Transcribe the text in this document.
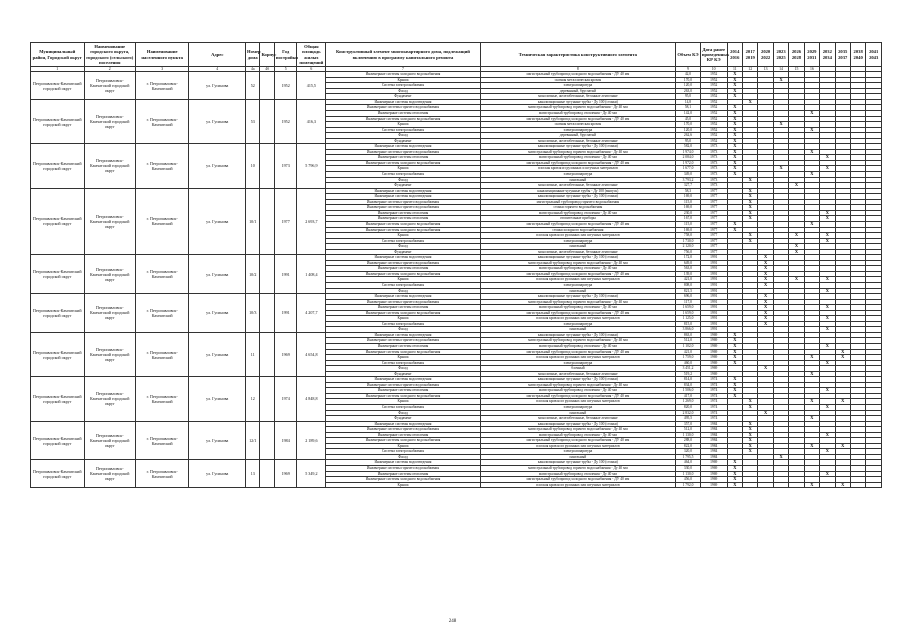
Муниципальный район, Городской округ	Наименование городского округа, городского (сельского) поселения	Наименование населенного пункта	Адрес	Номер дома	Корпус	Год постройки	Общая площадь жилых помещений	Конструктивный элемент многоквартирного дома, подлежащий включению в программу капитального ремонта	Техническая характеристика конструктивного элемента	Объем КЭ	Дата ранее проведенных КР КЭ	2014 2016	2017 2019	2020 2022	2023 2025	2026 2028	2029 2031	2032 2034	2035 2037	2038 2040	2041 2043
1	2	3	4	4а	4б	5	6	7	8	9	10	11	12	13	14	15	16				
Петропавловск-Камчатский городской округ	Петропавловск-Камчатский городской округ	г. Петропавловск-Камчатский	ул. Гусинова	52		1952	415,5	Инженерные системы холодного водоснабжения	магистральный трубопровод холодного водоснабжения - ДУ 40 мм	42,0	1952	X									
								Крыша	скатная металлическая кровля	170,0	1952	X			X						
								Система электроснабжения	электроаппаратура	120,0	1952	X									
								Фасад	деревянный, брусчатый	263,0	1952	X									
								Фундамент	монолитные, железобетонные, бетонные ленточные	95,0	1952	X									
Петропавловск-Камчатский городской округ	Петропавловск-Камчатский городской округ	г. Петропавловск-Камчатский	ул. Гусинова	53		1952	416,3	Инженерные системы водоотведения	канализационные чугунные трубы - Ду 100 (стояки)	14,8	1952		X								
								Инженерные системы горячего водоснабжения	магистральный трубопровод горячего водоснабжения - Ду 40 мм	58,1	1952	X									
								Инженерные системы отопления	магистральный трубопровод отопления - Ду 40 мм	142,0	1952	X					X				
								Инженерные системы холодного водоснабжения	магистральный трубопровод холодного водоснабжения - ДУ 40 мм	45,0	1952	X									
								Крыша	скатная металлическая кровля	170,0	1952	X			X						
								Система электроснабжения	электроаппаратура	120,0	1952	X					X				
								Фасад	деревянный, брусчатый	262,6	1952	X									
								Фундамент	монолитные, железобетонные, бетонные ленточные	95,0	1952	X									
Петропавловск-Камчатский городской округ	Петропавловск-Камчатский городской округ	г. Петропавловск-Камчатский	ул. Гусинова	10		1973	5 796,9	Инженерные системы водоотведения	канализационные чугунные трубы - Ду 100 (стояки)	582,0	1973	X									
								Инженерные системы горячего водоснабжения	магистральный трубопровод горячего водоснабжения - Ду 40 мм	1 974,0	1973	X					X				
								Инженерные системы отопления	магистральный трубопровод отопления - Ду 40 мм	2 084,0	1973	X						X			
								Инженерные системы холодного водоснабжения	магистральный трубопровод холодного водоснабжения - ДУ 40 мм	1 972,0	1973	X									
								Крыша	плоская кровля из рулонных и штучных материалов	1 677,0	1973	X			X			X			
								Система электроснабжения	электроаппаратура	349,0	1973	X					X				
								Фасад	панельный	3 793,2	1973		X								
								Фундамент	монолитные, железобетонные, бетонные ленточные	327,7	1973					X					
Петропавловск-Камчатский городской округ	Петропавловск-Камчатский городской округ	г. Петропавловск-Камчатский	ул. Гусинова	10/1		1977	2 693,7	Инженерные системы водоотведения	канализационные чугунные трубы - Ду 100 (выпуск)	58,3	1977		X								
								Инженерные системы водоотведения	канализационные чугунные трубы - Ду 100 (стояки)	169,0	1977		X								
								Инженерные системы горячего водоснабжения	магистральный трубопровод горячего водоснабжения	115,0	1977		X								
								Инженерные системы горячего водоснабжения	стояки горячего водоснабжения	169,0	1977		X								
								Инженерные системы отопления	магистральный трубопровод отопления - Ду 40 мм	230,0	1977		X					X			
								Инженерные системы отопления	отопительные приборы	167,0	1977		X					X			
								Инженерные системы холодного водоснабжения	магистральный трубопровод холодного водоснабжения - ДУ 40 мм	115,0	1977	X					X				
								Инженерные системы холодного водоснабжения	стояки холодного водоснабжения	169,0	1977	X									
								Крыша	плоская кровля из рулонных или штучных материалов	758,0	1977		X			X		X			
								Система электроснабжения	электроаппаратура	1 730,0	1977		X					X			
								Фасад	панельный	2 120,0	1977					X					
								Фундамент	монолитные, железобетонные, бетонные ленточные	756,0	1977					X					
Петропавловск-Камчатский городской округ	Петропавловск-Камчатский городской округ	г. Петропавловск-Камчатский	ул. Гусинова	10/2		1991	1 408,4	Инженерные системы водоотведения	канализационные чугунные трубы - Ду 100 (стояки)	172,0	1991			X							
								Инженерные системы горячего водоснабжения	магистральный трубопровод горячего водоснабжения - Ду 40 мм	649,0	1991			X							
								Инженерные системы отопления	магистральный трубопровод отопления - Ду 40 мм	563,0	1991			X							
								Инженерные системы холодного водоснабжения	магистральный трубопровод холодного водоснабжения - ДУ 40 мм	139,0	1991			X							
								Крыша	плоская кровля из рулонных или штучных материалов	421,0	1991			X		X		X			
								Система электроснабжения	электроаппаратура	808,0	1991			X							
								Фасад	панельный	821,5	1991							X			
Петропавловск-Камчатский городской округ	Петропавловск-Камчатский городской округ	г. Петропавловск-Камчатский	ул. Гусинова	10/3		1991	4 207,7	Инженерные системы водоотведения	канализационные чугунные трубы - Ду 100 (стояки)	696,0	1991			X							
								Инженерные системы горячего водоснабжения	магистральный трубопровод горячего водоснабжения - Ду 40 мм	117,0	1991			X							
								Инженерные системы отопления	магистральный трубопровод отопления - Ду 40 мм	1 659,0	1991			X				X			
								Инженерные системы холодного водоснабжения	магистральный трубопровод холодного водоснабжения - ДУ 40 мм	1 659,0	1991			X							
								Крыша	плоская кровля из рулонных или штучных материалов	1 125,0	1991			X				X			
								Система электроснабжения	электроаппаратура	815,0	1991			X							
								Фасад	панельный	3 866,0	1991							X			
Петропавловск-Камчатский городской округ	Петропавловск-Камчатский городской округ	г. Петропавловск-Камчатский	ул. Гусинова	11		1969	4 654,8	Инженерные системы водоотведения	канализационные чугунные трубы - Ду 100 (стояки)	863,0	1969	X									
								Инженерные системы горячего водоснабжения	магистральный трубопровод горячего водоснабжения - Ду 40 мм	512,0	1969	X									
								Инженерные системы отопления	магистральный трубопровод отопления - Ду 40 мм	1 102,0	1969	X						X			
								Инженерные системы холодного водоснабжения	магистральный трубопровод холодного водоснабжения - ДУ 40 мм	421,0	1969	X							X		
								Крыша	плоская кровля из рулонных или штучных материалов	1 759,0	1969	X					X		X		
								Система электроснабжения	электроаппаратура	460,0	1969	X						X			
								Фасад	блочный	3 451,2	1969			X							
								Фундамент	монолитные, железобетонные, бетонные ленточные	519,2	1969						X				
Петропавловск-Камчатский городской округ	Петропавловск-Камчатский городской округ	г. Петропавловск-Камчатский	ул. Гусинова	12		1974	4 848,8	Инженерные системы водоотведения	канализационные чугунные трубы - Ду 100 (стояки)	814,0	1974	X									
								Инженерные системы горячего водоснабжения	магистральный трубопровод горячего водоснабжения - Ду 40 мм	834,0	1974	X									
								Инженерные системы отопления	магистральный трубопровод отопления - Ду 40 мм	1 506,0	1974	X						X			
								Инженерные системы холодного водоснабжения	магистральный трубопровод холодного водоснабжения - ДУ 40 мм	417,0	1974	X									
								Крыша	плоская кровля из рулонных или штучных материалов	1 269,0	1974		X				X		X		
								Система электроснабжения	электроаппаратура	820,0	1974		X					X			
								Фасад	панельный	2 832,0	1974			X							
								Фундамент	монолитные, железобетонные, бетонные ленточные	495,5	1974						X				
Петропавловск-Камчатский городской округ	Петропавловск-Камчатский городской округ	г. Петропавловск-Камчатский	ул. Гусинова	12/1		1984	2 189,6	Инженерные системы водоотведения	канализационные чугунные трубы - Ду 100 (стояки)	357,0	1984		X								
								Инженерные системы горячего водоснабжения	магистральный трубопровод горячего водоснабжения - Ду 40 мм	512,0	1984		X								
								Инженерные системы отопления	магистральный трубопровод отопления - Ду 40 мм	1 130,0	1984		X					X			
								Инженерные системы холодного водоснабжения	магистральный трубопровод холодного водоснабжения - ДУ 40 мм	288,0	1984		X								
								Крыша	плоская кровля из рулонных или штучных материалов	822,0	1984		X				X		X		
								Система электроснабжения	электроаппаратура	320,0	1984		X					X			
								Фасад	панельный	1 795,5	1984				X						
Петропавловск-Камчатский городской округ	Петропавловск-Камчатский городской округ	г. Петропавловск-Камчатский	ул. Гусинова	13		1969	5 349,2	Инженерные системы водоотведения	канализационные чугунные трубы - Ду 100 (стояки)	464,0	1969	X									
								Инженерные системы горячего водоснабжения	магистральный трубопровод горячего водоснабжения - Ду 40 мм	330,0	1969	X									
								Инженерные системы отопления	магистральный трубопровод отопления - Ду 40 мм	1 130,0	1969	X						X			
								Инженерные системы холодного водоснабжения	магистральный трубопровод холодного водоснабжения - ДУ 40 мм	456,0	1969	X									
								Крыша	плоская кровля из рулонных или штучных материалов	1 792,0	1969	X					X		X		
248
